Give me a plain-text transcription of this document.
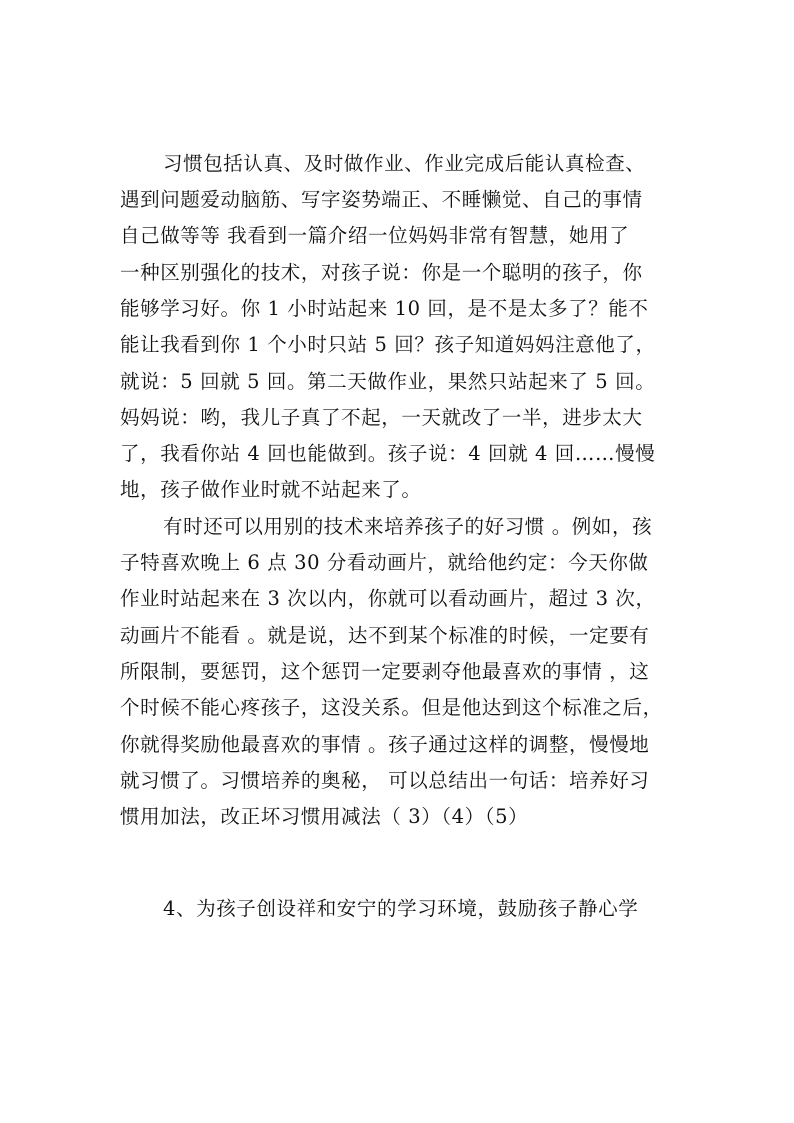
习惯包括认真、及时做作业、作业完成后能认真检查、
遇到问题爱动脑筋、写字姿势端正、不睡懒觉、自己的事情
自己做等等 我看到一篇介绍一位妈妈非常有智慧，她用了
一种区别强化的技术，对孩子说：你是一个聪明的孩子，你
能够学习好。你 1 小时站起来 10 回，是不是太多了？能不
能让我看到你 1 个小时只站 5 回？孩子知道妈妈注意他了，
就说：5 回就 5 回。第二天做作业，果然只站起来了 5 回。
妈妈说：哟，我儿子真了不起，一天就改了一半，进步太大
了，我看你站 4 回也能做到。孩子说：4 回就 4 回……慢慢
地，孩子做作业时就不站起来了。
有时还可以用别的技术来培养孩子的好习惯 。例如，孩
子特喜欢晚上 6 点 30 分看动画片，就给他约定：今天你做
作业时站起来在 3 次以内，你就可以看动画片，超过 3 次，
动画片不能看 。就是说，达不到某个标准的时候，一定要有
所限制，要惩罚，这个惩罚一定要剥夺他最喜欢的事情 ，这
个时候不能心疼孩子，这没关系。但是他达到这个标准之后，
你就得奖励他最喜欢的事情 。孩子通过这样的调整，慢慢地
就习惯了。习惯培养的奥秘， 可以总结出一句话：培养好习
惯用加法，改正坏习惯用减法（ 3）（4）（5）
4、为孩子创设祥和安宁的学习环境，鼓励孩子静心学
